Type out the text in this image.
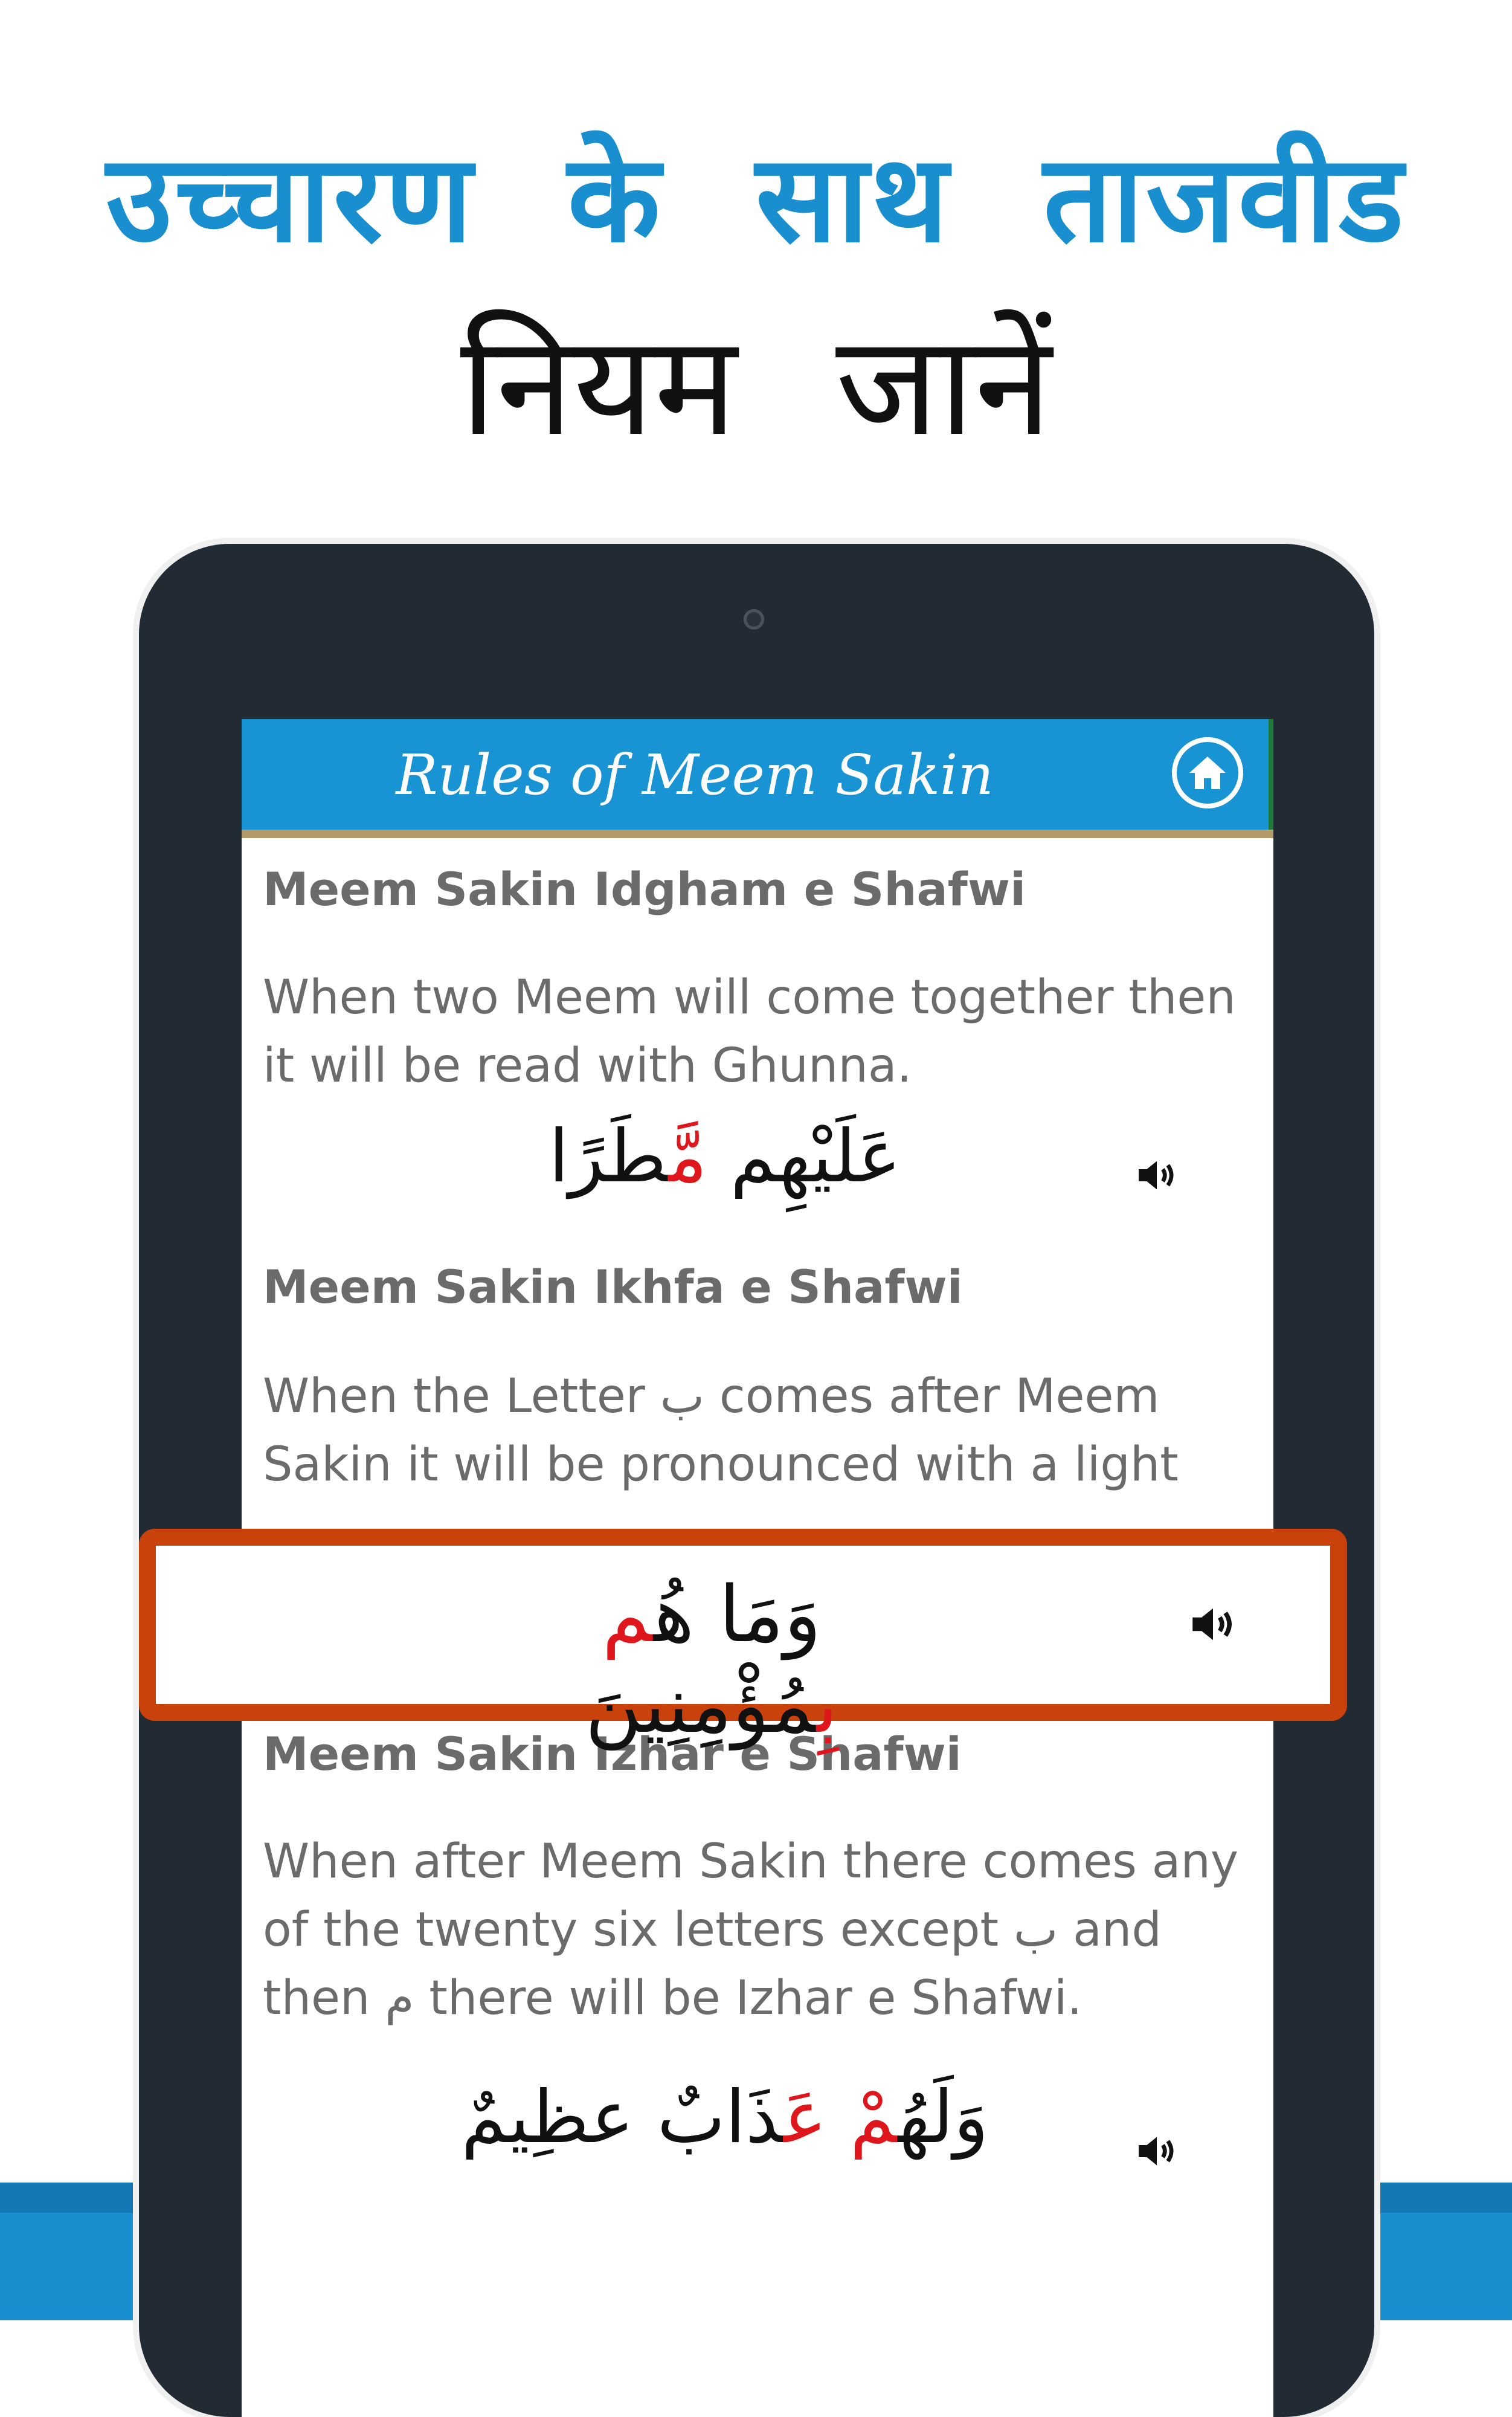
उच्चारण के साथ ताजवीड
नियम जानें
Rules of Meem Sakin
Meem Sakin Idgham e Shafwi
When two Meem will come together then it will be read with Ghunna.
عَلَيْهِم مَّطَرًا
Meem Sakin Ikhfa e Shafwi
When the Letter ب comes after Meem Sakin it will be pronounced with a light
Meem Sakin Izhar e Shafwi
When after Meem Sakin there comes any of the twenty six letters except ب and then م there will be Izhar e Shafwi.
وَلَهُمْ عَذَابٌ عظِيمٌ
وَمَا هُم بِمُؤْمِنِينَ
